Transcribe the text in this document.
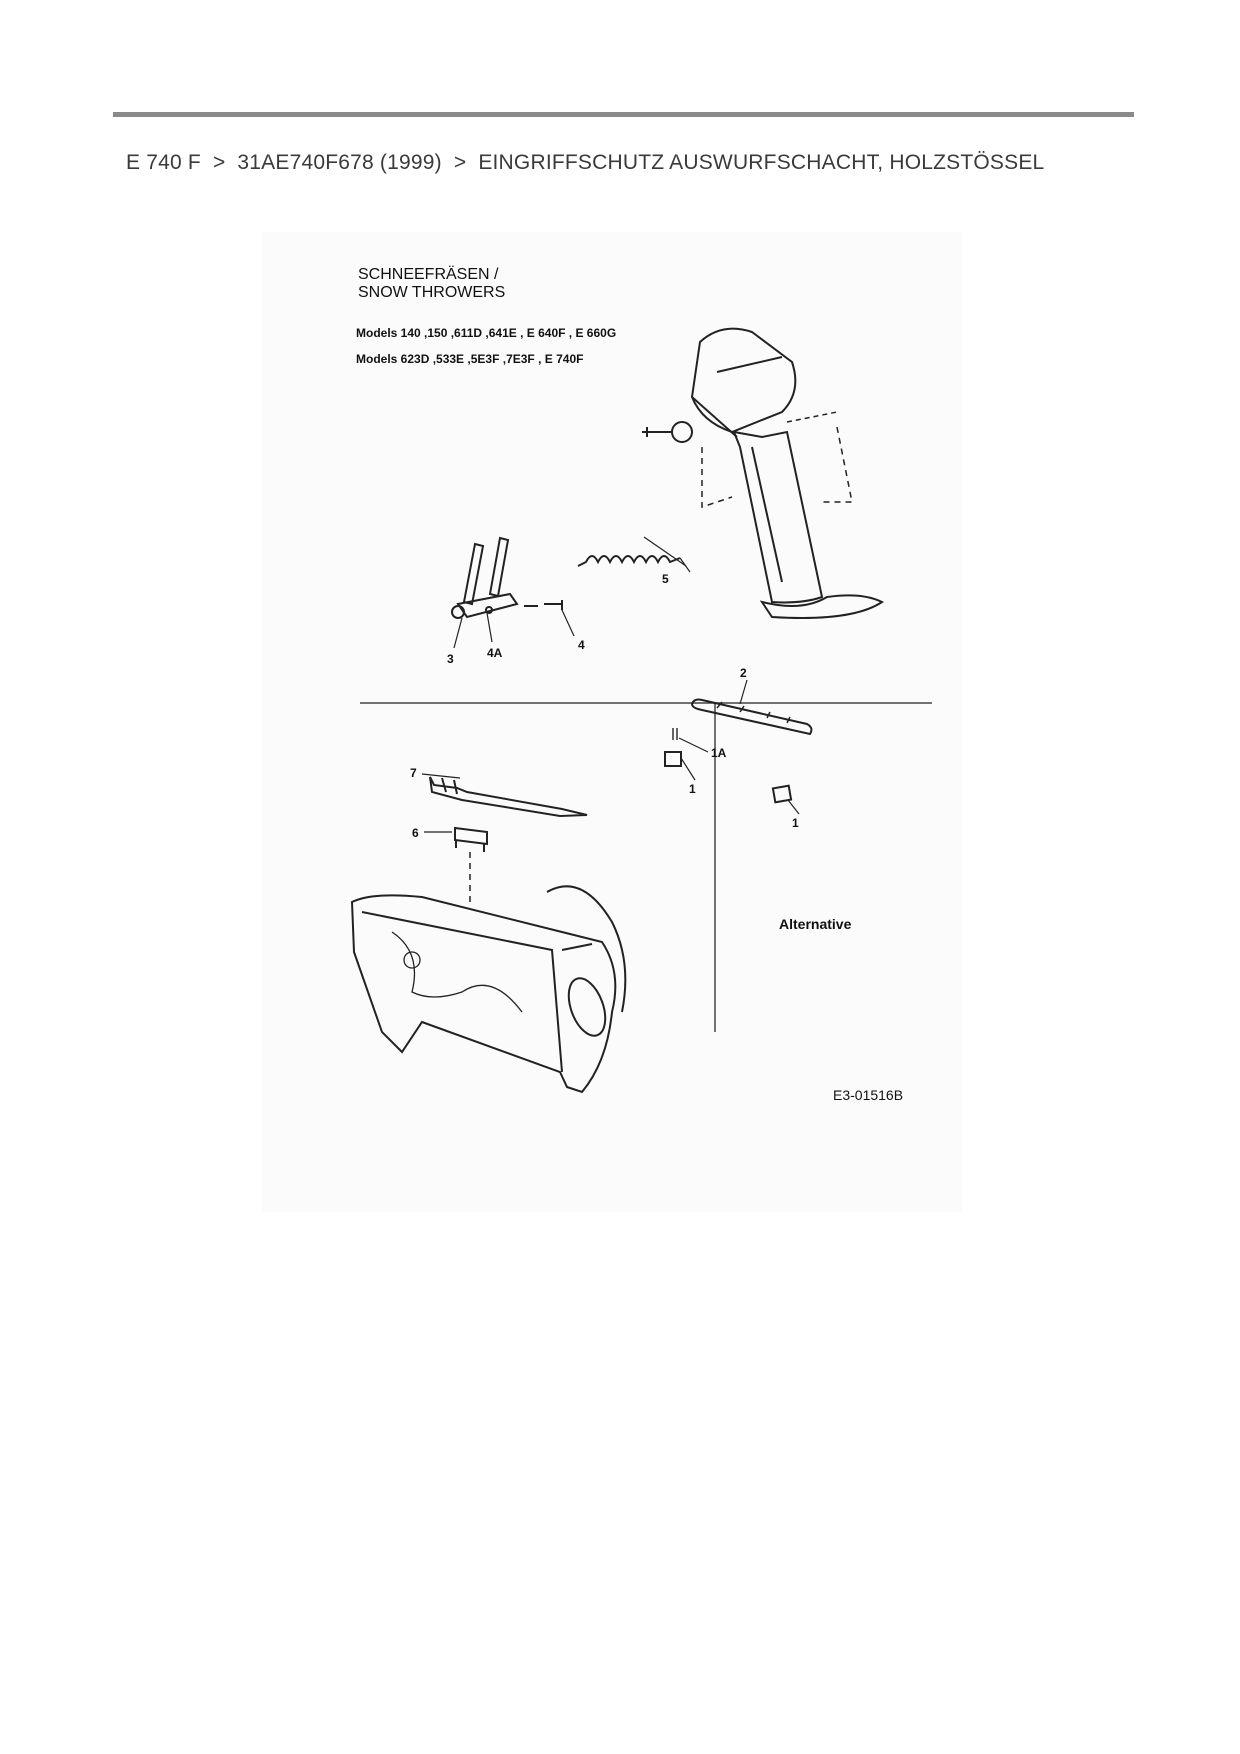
E 740 F > 31AE740F678 (1999) > EINGRIFFSCHUTZ AUSWURFSCHACHT, HOLZSTÖSSEL
SCHNEEFRÄSEN /
SNOW THROWERS
Models 140 ,150 ,611D ,641E , E 640F , E 660G
Models 623D ,533E ,5E3F ,7E3F , E 740F
5
3	4A
4
7
6
2
1A
1
1
Alternative
E3-01516B
